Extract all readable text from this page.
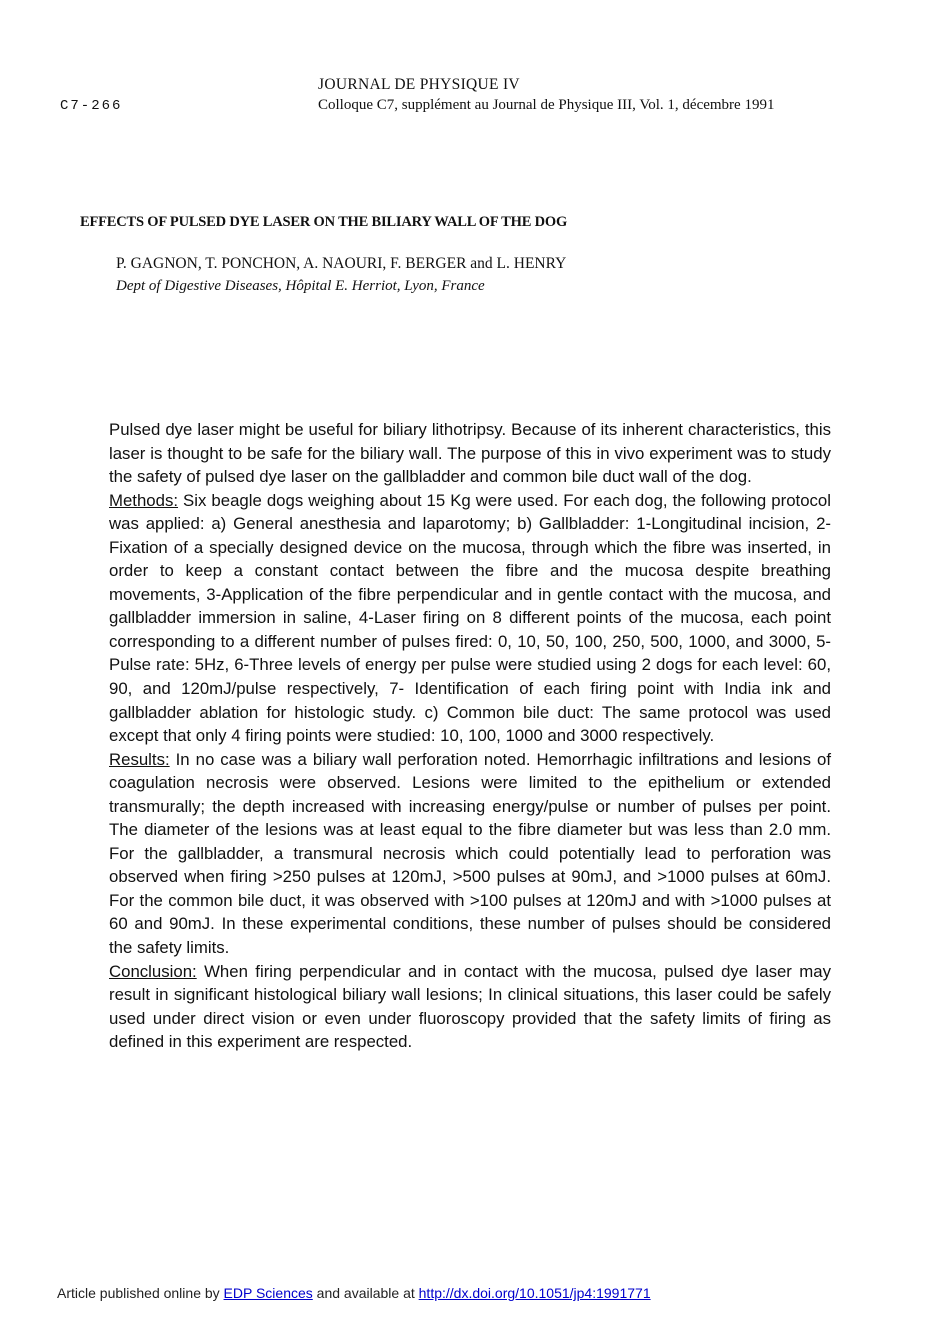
C7-266
JOURNAL DE PHYSIQUE IV
Colloque C7, supplément au Journal de Physique III, Vol. 1, décembre 1991
EFFECTS OF PULSED DYE LASER ON THE BILIARY WALL OF THE DOG
P. GAGNON, T. PONCHON, A. NAOURI, F. BERGER and L. HENRY
Dept of Digestive Diseases, Hôpital E. Herriot, Lyon, France

Pulsed dye laser might be useful for biliary lithotripsy. Because of its inherent characteristics, this laser is thought to be safe for the biliary wall. The purpose of this in vivo experiment was to study the safety of pulsed dye laser on the gallbladder and common bile duct wall of the dog.

Methods: Six beagle dogs weighing about 15 Kg were used. For each dog, the following protocol was applied: a) General anesthesia and laparotomy; b) Gallbladder: 1-Longitudinal incision, 2-Fixation of a specially designed device on the mucosa, through which the fibre was inserted, in order to keep a constant contact between the fibre and the mucosa despite breathing movements, 3-Application of the fibre perpendicular and in gentle contact with the mucosa, and gallbladder immersion in saline, 4-Laser firing on 8 different points of the mucosa, each point corresponding to a different number of pulses fired: 0, 10, 50, 100, 250, 500, 1000, and 3000, 5-Pulse rate: 5Hz, 6-Three levels of energy per pulse were studied using 2 dogs for each level: 60, 90, and 120mJ/pulse respectively, 7- Identification of each firing point with India ink and gallbladder ablation for histologic study. c) Common bile duct: The same protocol was used except that only 4 firing points were studied: 10, 100, 1000 and 3000 respectively.

Results: In no case was a biliary wall perforation noted. Hemorrhagic infiltrations and lesions of coagulation necrosis were observed. Lesions were limited to the epithelium or extended transmurally; the depth increased with increasing energy/pulse or number of pulses per point. The diameter of the lesions was at least equal to the fibre diameter but was less than 2.0 mm. For the gallbladder, a transmural necrosis which could potentially lead to perforation was observed when firing >250 pulses at 120mJ, >500 pulses at 90mJ, and >1000 pulses at 60mJ. For the common bile duct, it was observed with >100 pulses at 120mJ and with >1000 pulses at 60 and 90mJ. In these experimental conditions, these number of pulses should be considered the safety limits.

Conclusion: When firing perpendicular and in contact with the mucosa, pulsed dye laser may result in significant histological biliary wall lesions; In clinical situations, this laser could be safely used under direct vision or even under fluoroscopy provided that the safety limits of firing as defined in this experiment are respected.

Article published online by EDP Sciences and available at http://dx.doi.org/10.1051/jp4:1991771
